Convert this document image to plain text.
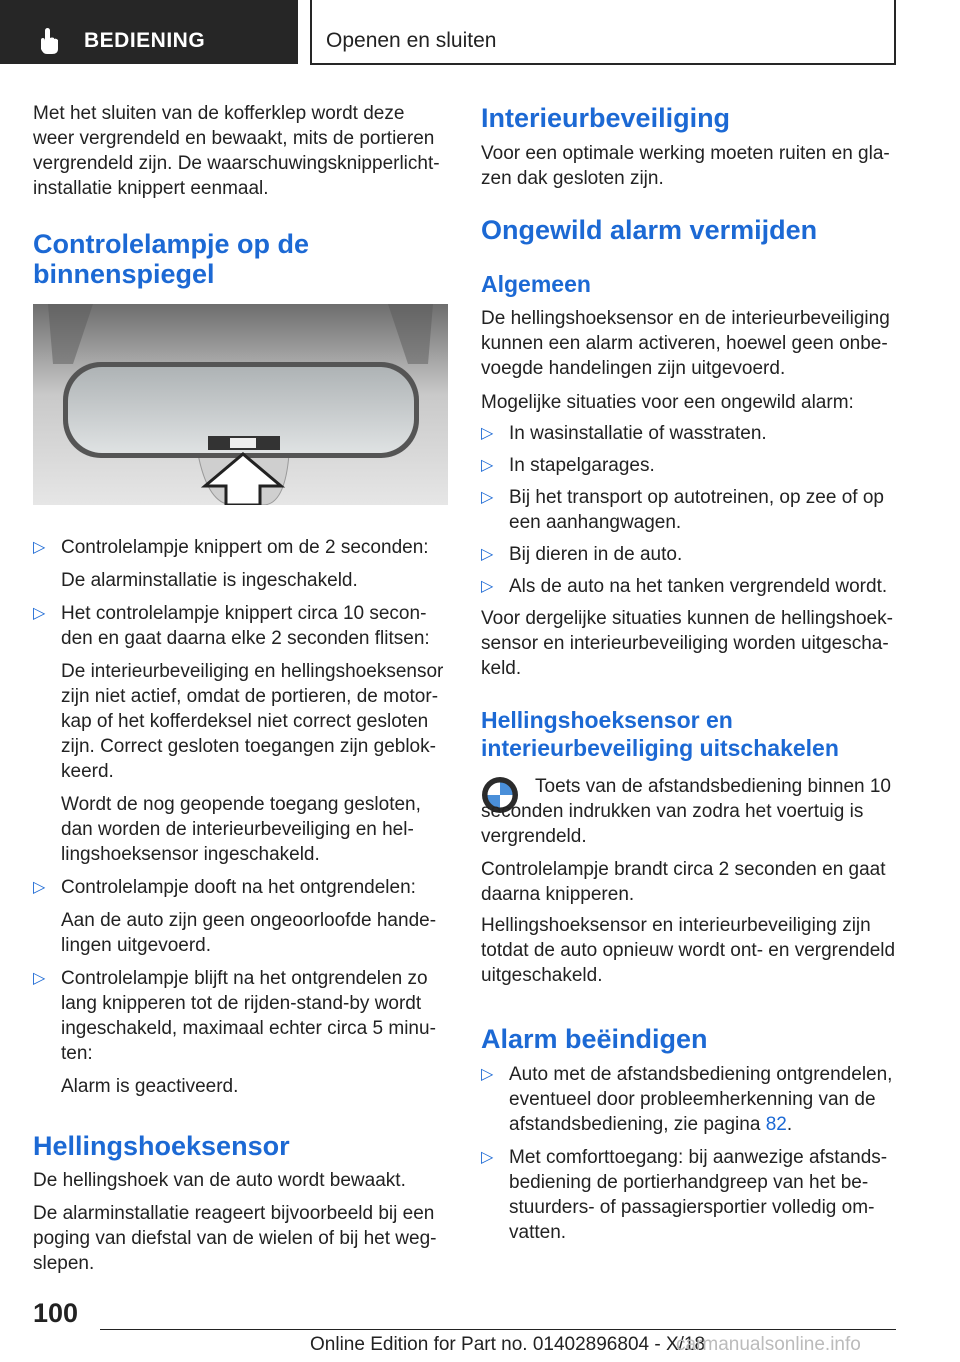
BEDIENING	Openen en sluiten

Met het sluiten van de kofferklep wordt deze weer vergrendeld en bewaakt, mits de portieren vergrendeld zijn. De waarschuwingsknipperlichtinstallatie knippert eenmaal.

Controlelampje op de binnenspiegel
▷ Controlelampje knippert om de 2 seconden:

De alarminstallatie is ingeschakeld.

▷ Het controlelampje knippert circa 10 seconden en gaat daarna elke 2 seconden flitsen:

De interieurbeveiliging en hellingshoeksensor zijn niet actief, omdat de portieren, de motorkap of het kofferdeksel niet correct gesloten zijn. Correct gesloten toegangen zijn geblokkeerd.

Wordt de nog geopende toegang gesloten, dan worden de interieurbeveiliging en hellingshoeksensor ingeschakeld.

▷ Controlelampje dooft na het ontgrendelen:

Aan de auto zijn geen ongeoorloofde handelingen uitgevoerd.

▷ Controlelampje blijft na het ontgrendelen zo lang knipperen tot de rijden-stand-by wordt ingeschakeld, maximaal echter circa 5 minuten:

Alarm is geactiveerd.

Hellingshoeksensor

De hellingshoek van de auto wordt bewaakt.

De alarminstallatie reageert bijvoorbeeld bij een poging van diefstal van de wielen of bij het wegslepen.

Interieurbeveiliging

Voor een optimale werking moeten ruiten en glazen dak gesloten zijn.

Ongewild alarm vermijden
Algemeen

De hellingshoeksensor en de interieurbeveiliging kunnen een alarm activeren, hoewel geen onbevoegde handelingen zijn uitgevoerd.

Mogelijke situaties voor een ongewild alarm:

▷ In wasinstallatie of wasstraten.
▷ In stapelgarages.
▷ Bij het transport op autotreinen, op zee of op een aanhangwagen.
▷ Bij dieren in de auto.
▷ Als de auto na het tanken vergrendeld wordt.

Voor dergelijke situaties kunnen de hellingshoeksensor en interieurbeveiliging worden uitgeschakeld.

Hellingshoeksensor en interieurbeveiliging uitschakelen

Toets van de afstandsbediening binnen 10 seconden indrukken van zodra het voertuig is vergrendeld.

Controlelampje brandt circa 2 seconden en gaat daarna knipperen.

Hellingshoeksensor en interieurbeveiliging zijn totdat de auto opnieuw wordt ont- en vergrendeld uitgeschakeld.

Alarm beëindigen
▷ Auto met de afstandsbediening ontgrendelen, eventueel door probleemherkenning van de afstandsbediening, zie pagina 82.
▷ Met comforttoegang: bij aanwezige afstandsbediening de portierhandgreep van het bestuurders- of passagiersportier volledig omvatten.
100
Online Edition for Part no. 01402896804 - X/18
carmanualsonline.info
